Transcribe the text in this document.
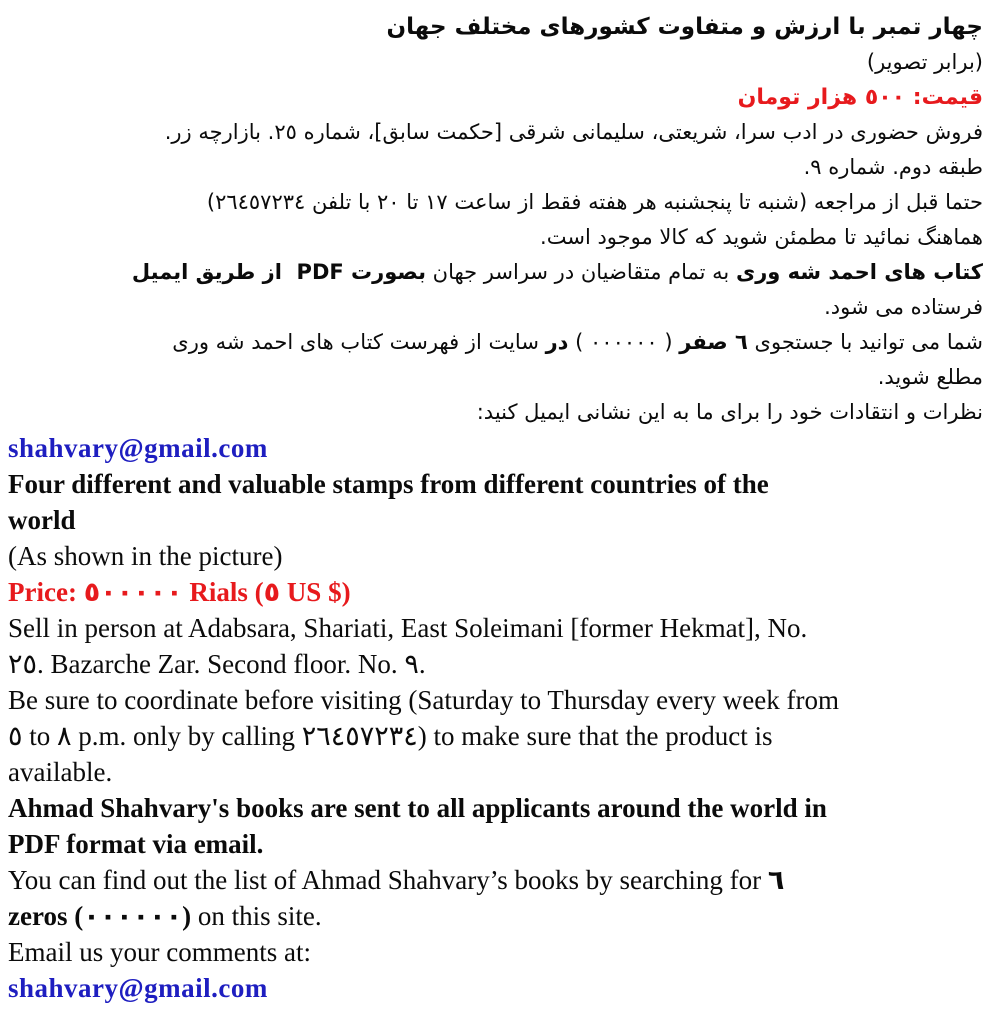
چهار تمبر با ارزش و متفاوت کشورهای مختلف جهان
(برابر تصویر)
قیمت: ٥٠٠ هزار تومان
فروش حضوری در ادب سرا، شریعتی، سلیمانی شرقی [حکمت سابق]، شماره ٢٥. بازارچه زر.
طبقه دوم. شماره ٩.
حتما قبل از مراجعه (شنبه تا پنجشنبه هر هفته فقط از ساعت ١٧ تا ٢٠ با تلفن ٢٦٤٥٧٢٣٤)
هماهنگ نمائید تا مطمئن شوید که کالا موجود است.
کتاب های احمد شه وری به تمام متقاضیان در سراسر جهان بصورت PDF  از طریق ایمیل
فرستاده می شود.
شما می توانید با جستجوی ٦ صفر ( ٠٠٠٠٠٠ ) در سایت از فهرست کتاب های احمد شه وری
مطلع شوید.
نظرات و انتقادات خود را برای ما به این نشانی ایمیل کنید:
shahvary@gmail.com
Four different and valuable stamps from different countries of the
world
(As shown in the picture)
Price: ٥٠٠٠٠٠ Rials (٥ US $)
Sell in person at Adabsara, Shariati, East Soleimani [former Hekmat], No.
٢٥. Bazarche Zar. Second floor. No. ٩.
Be sure to coordinate before visiting (Saturday to Thursday every week from
٥ to ٨ p.m. only by calling ٢٦٤٥٧٢٣٤) to make sure that the product is
available.
Ahmad Shahvary's books are sent to all applicants around the world in
PDF format via email.
You can find out the list of Ahmad Shahvary’s books by searching for ٦
zeros (٠٠٠٠٠٠) on this site.
Email us your comments at:
shahvary@gmail.com
